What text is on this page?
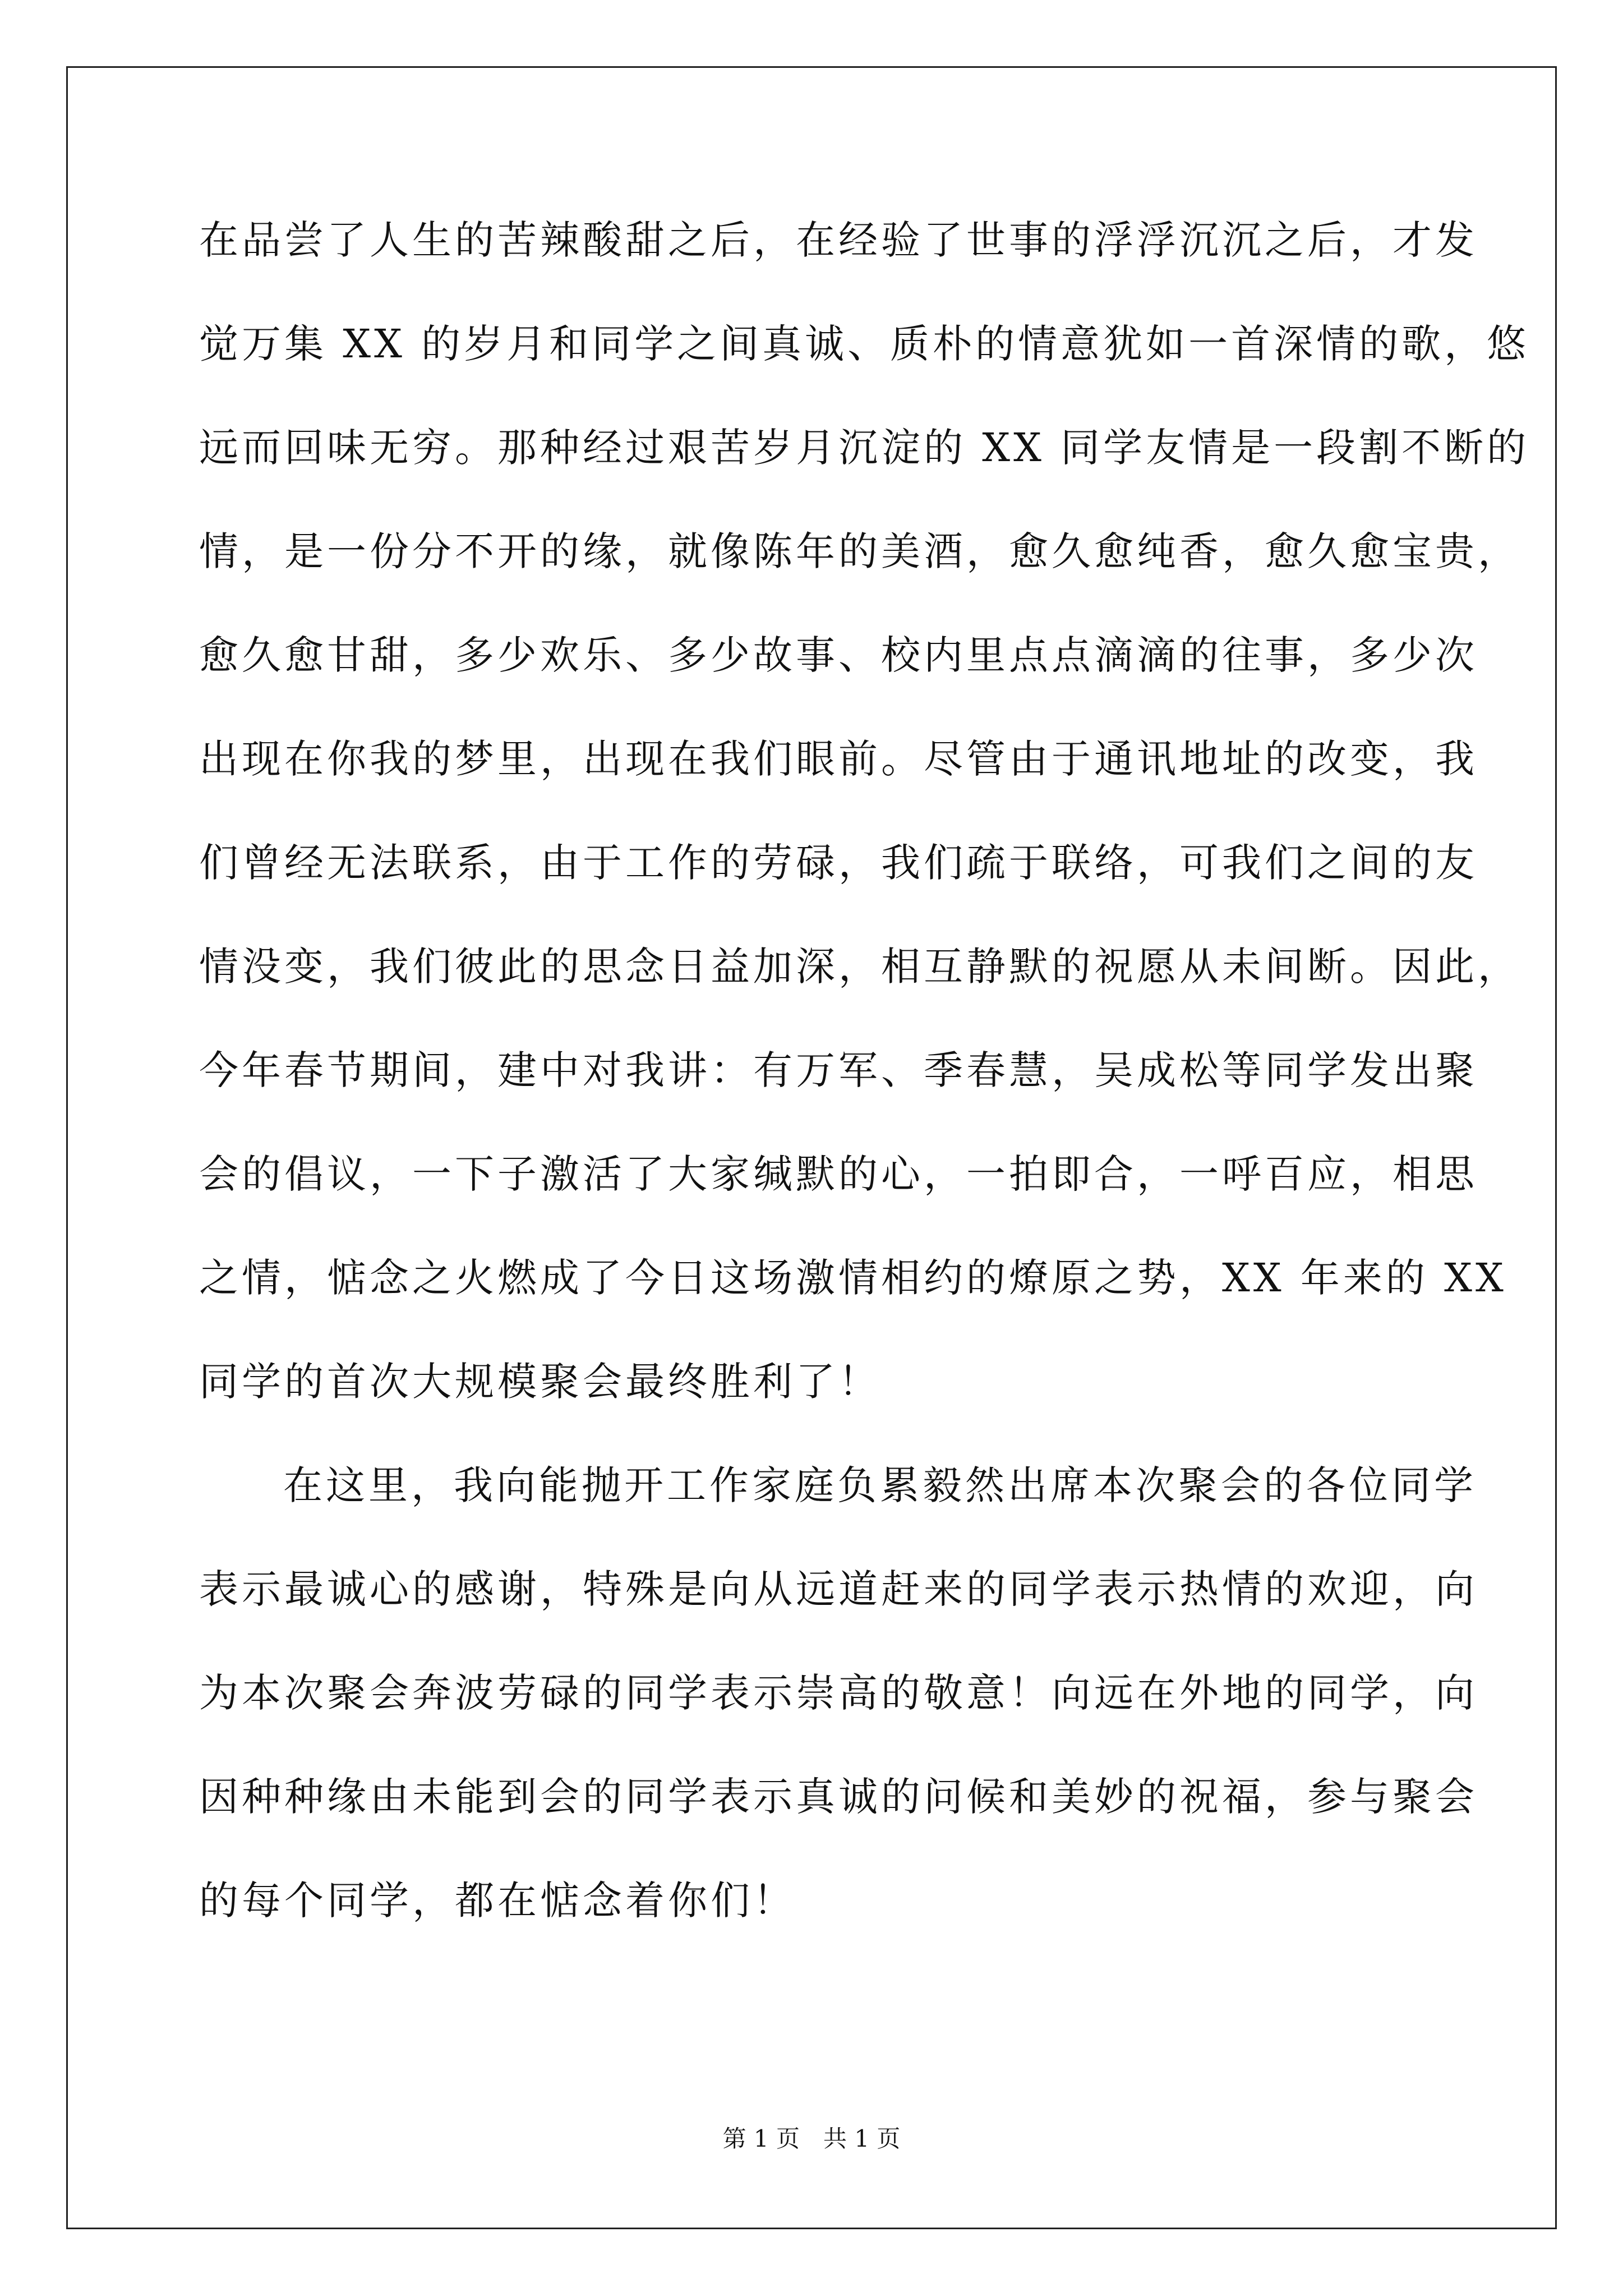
在品尝了人生的苦辣酸甜之后，在经验了世事的浮浮沉沉之后，才发

觉万集 XX 的岁月和同学之间真诚、质朴的情意犹如一首深情的歌，悠

远而回味无穷。那种经过艰苦岁月沉淀的 XX 同学友情是一段割不断的

情，是一份分不开的缘，就像陈年的美酒，愈久愈纯香，愈久愈宝贵，

愈久愈甘甜，多少欢乐、多少故事、校内里点点滴滴的往事，多少次

出现在你我的梦里，出现在我们眼前。尽管由于通讯地址的改变，我

们曾经无法联系，由于工作的劳碌，我们疏于联络，可我们之间的友

情没变，我们彼此的思念日益加深，相互静默的祝愿从未间断。因此，

今年春节期间，建中对我讲：有万军、季春慧，吴成松等同学发出聚

会的倡议，一下子激活了大家缄默的心，一拍即合，一呼百应，相思

之情，惦念之火燃成了今日这场激情相约的燎原之势，XX 年来的 XX

同学的首次大规模聚会最终胜利了！

在这里，我向能抛开工作家庭负累毅然出席本次聚会的各位同学

表示最诚心的感谢，特殊是向从远道赶来的同学表示热情的欢迎，向

为本次聚会奔波劳碌的同学表示崇高的敬意！向远在外地的同学，向

因种种缘由未能到会的同学表示真诚的问候和美妙的祝福，参与聚会

的每个同学，都在惦念着你们！

第 1 页　共 1 页
